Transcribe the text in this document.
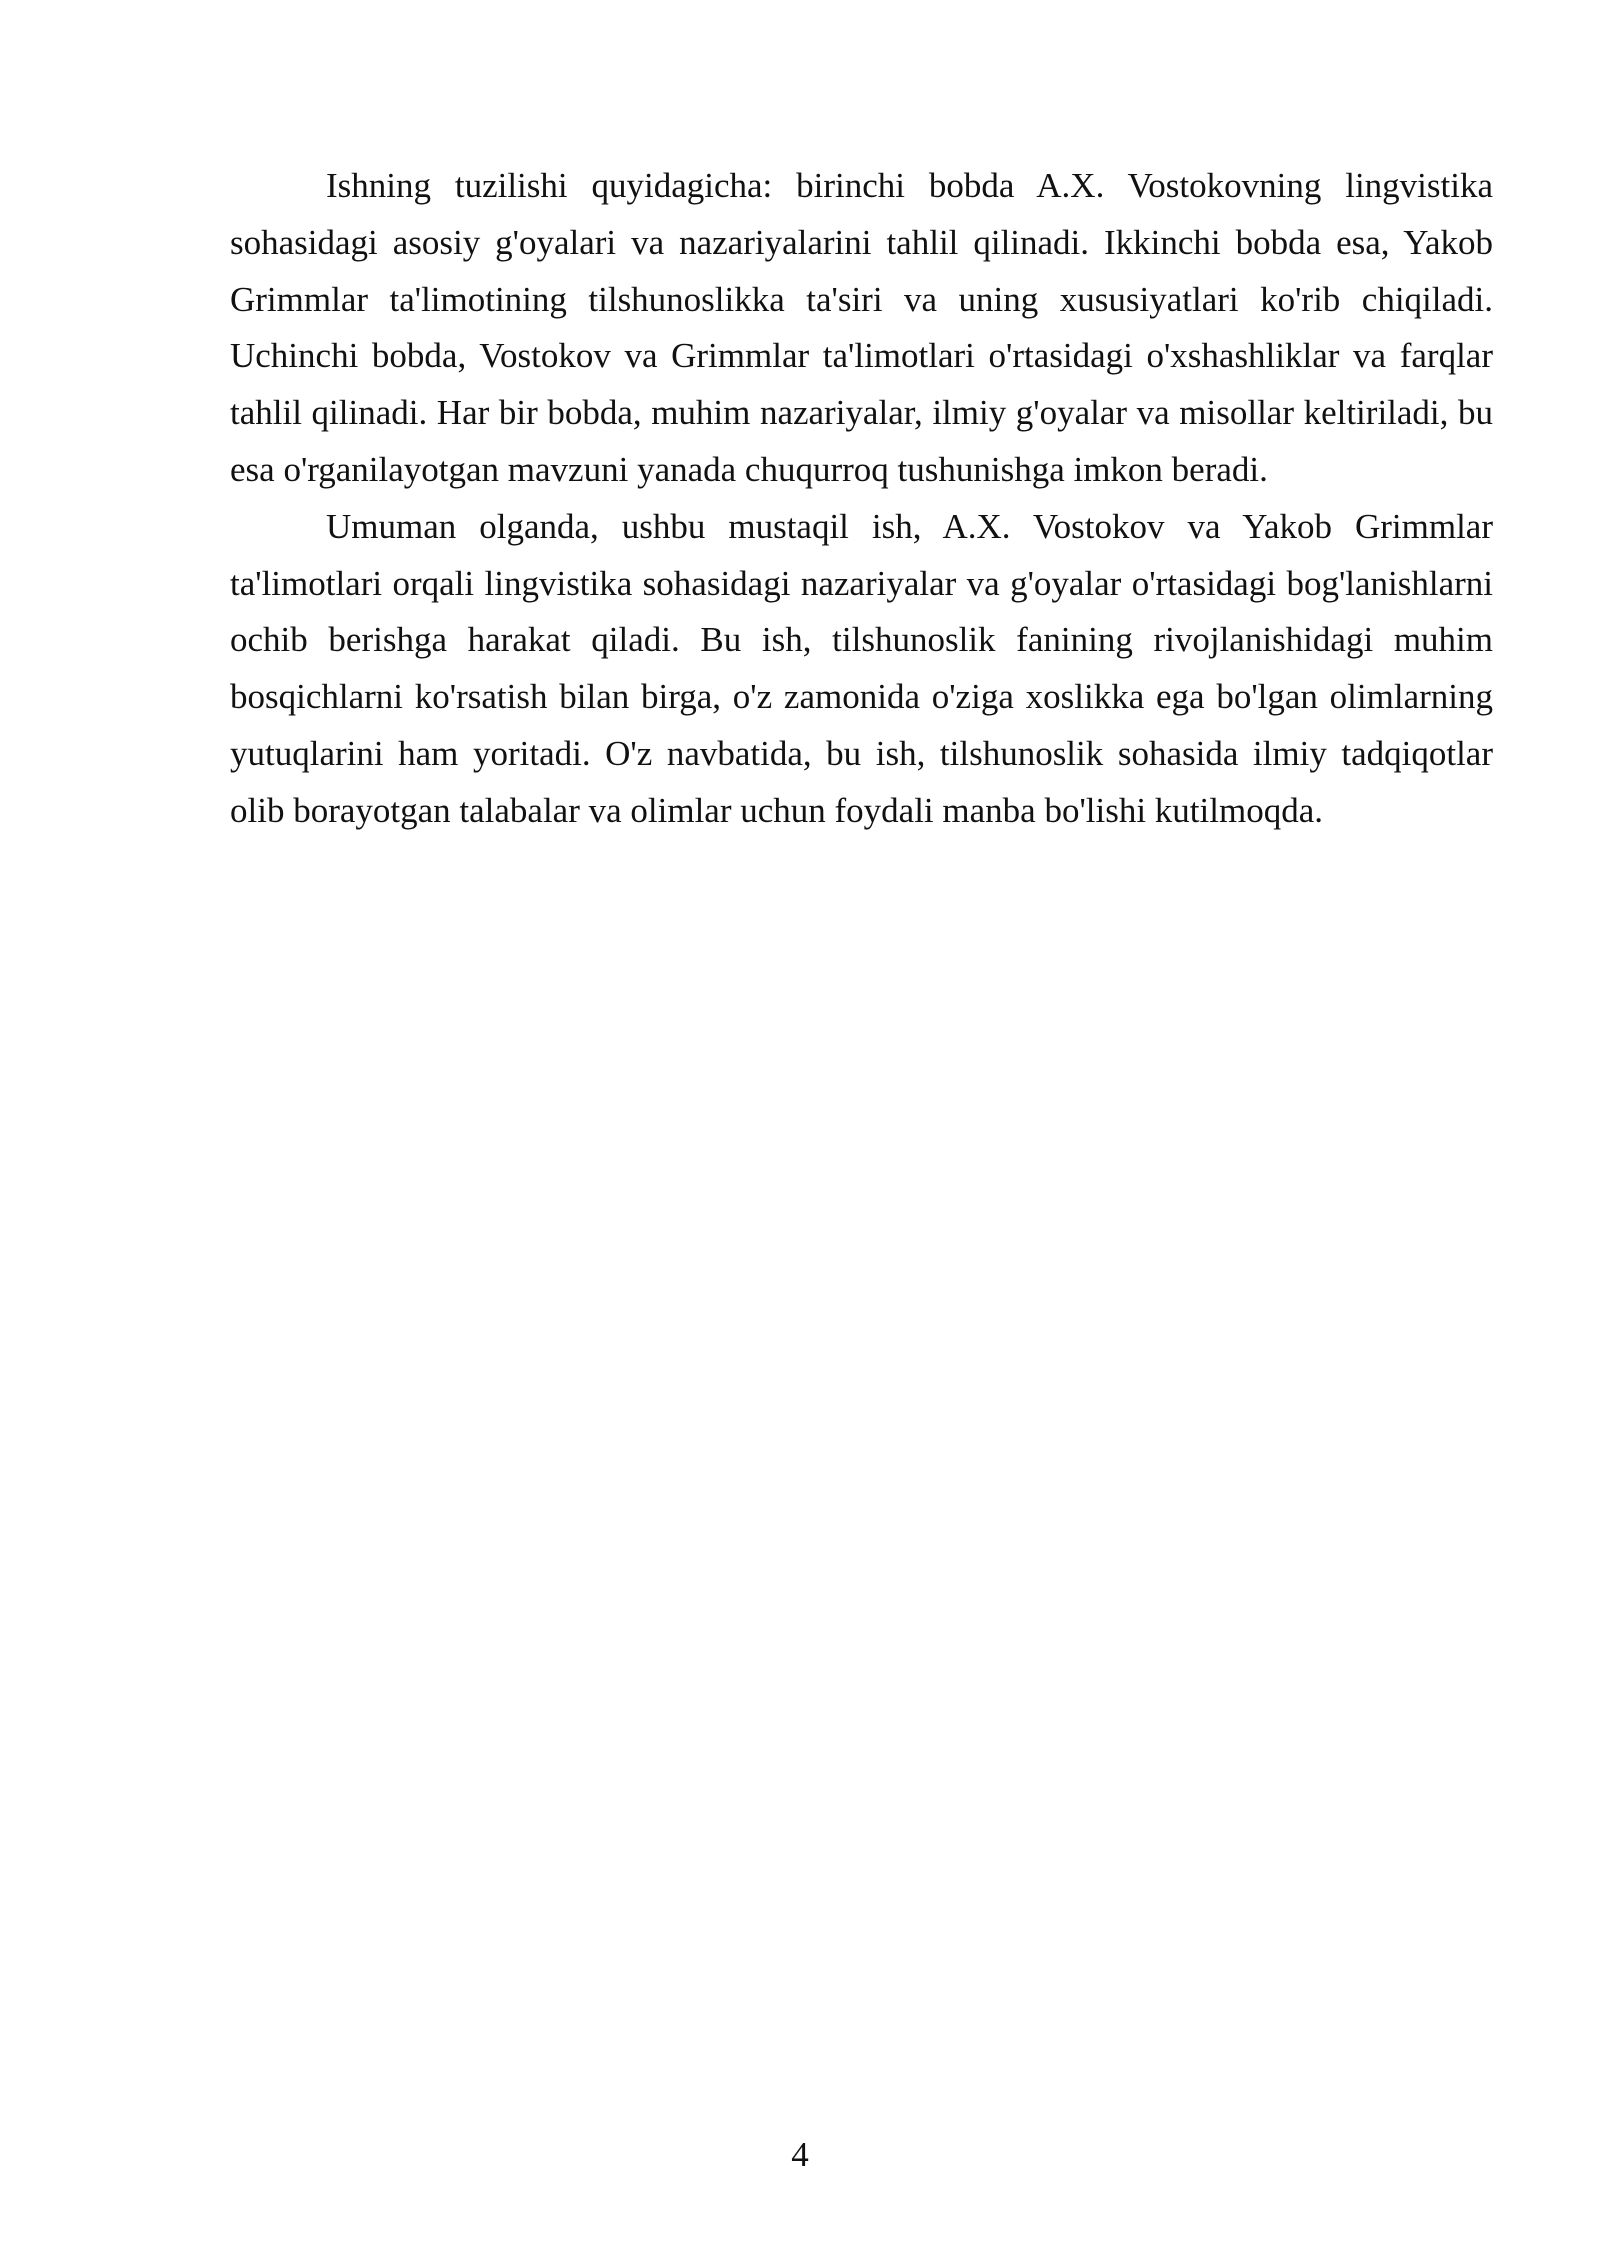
Ishning tuzilishi quyidagicha: birinchi bobda A.X. Vostokovning lingvistika sohasidagi asosiy g'oyalari va nazariyalarini tahlil qilinadi. Ikkinchi bobda esa, Yakob Grimmlar ta'limotining tilshunoslikka ta'siri va uning xususiyatlari ko'rib chiqiladi. Uchinchi bobda, Vostokov va Grimmlar ta'limotlari o'rtasidagi o'xshashliklar va farqlar tahlil qilinadi. Har bir bobda, muhim nazariyalar, ilmiy g'oyalar va misollar keltiriladi, bu esa o'rganilayotgan mavzuni yanada chuqurroq tushunishga imkon beradi.

Umuman olganda, ushbu mustaqil ish, A.X. Vostokov va Yakob Grimmlar ta'limotlari orqali lingvistika sohasidagi nazariyalar va g'oyalar o'rtasidagi bog'lanishlarni ochib berishga harakat qiladi. Bu ish, tilshunoslik fanining rivojlanishidagi muhim bosqichlarni ko'rsatish bilan birga, o'z zamonida o'ziga xoslikka ega bo'lgan olimlarning yutuqlarini ham yoritadi. O'z navbatida, bu ish, tilshunoslik sohasida ilmiy tadqiqotlar olib borayotgan talabalar va olimlar uchun foydali manba bo'lishi kutilmoqda.

4
